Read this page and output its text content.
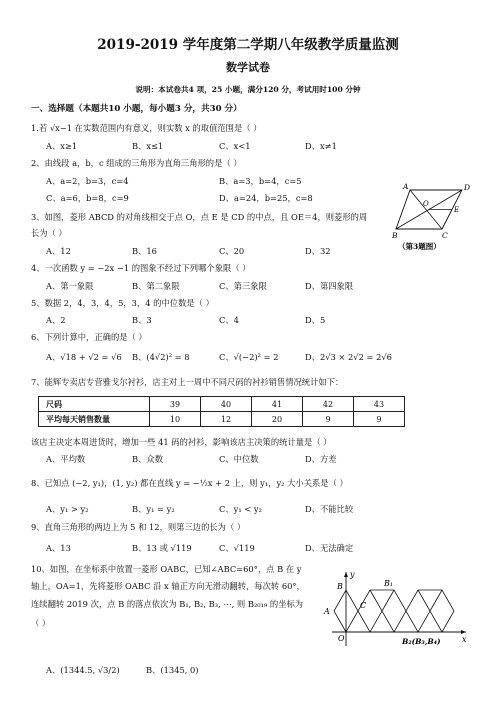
2019-2019 学年度第二学期八年级教学质量监测
数学试卷
说明：本试卷共4 项，25 小题，满分120 分，考试用时100 分钟
一、选择题（本题共10 小题，每小题3 分，共30 分）
1.若 √x−1 在实数范围内有意义，则实数 x 的取值范围是（ ）
A、x≥1	B、x≤1	C、x<1	D、x≠1
2、由线段 a，b，c 组成的三角形为直角三角形的是（ ）
A、a=2，b=3，c=4	B、a=3，b=4，c=5
C、a=6，b=8，c=9	D、a=24，b=25，c=8
3、如图，菱形 ABCD 的对角线相交于点 O，点 E 是 CD 的中点，且 OE＝4，则菱形的周
长为（ ）
A、12	B、16	C、20	D、32
A	D
B	C
O
E
（第3题图）
4、一次函数 y = −2x −1 的图象不经过下列哪个象限（ ）
A、第一象限	B、第二象限	C、第三象限	D、第四象限
5、数据 2，4，3，4，5，3，4 的中位数是（ ）
A、2	B、3	C、4	D、5
6、下列计算中，正确的是（ ）
A、√18 + √2 = √6 B、(4√2)² = 8	C、√(−2)² = 2	D、2√3 × 2√2 = 2√6
7、能辉专卖店专营雅戈尔衬衫，店主对上一周中不同尺码的衬衫销售情况统计如下：
尺码	39	40	41	42	43
平均每天销售数量	10	12	20	9	9
该店主决定本周进货时，增加一些 41 码的衬衫，影响该店主决策的统计量是（ ）
A、平均数	B、众数	C、中位数	D、方差
8、已知点 (−2, y₁)，(1, y₂) 都在直线 y = −½x + 2 上，则 y₁，y₂ 大小关系是（ ）
A、y₁ > y₂	B、y₁ = y₂	C、y₁ < y₂	D、不能比较
9、直角三角形的两边上为 5 和 12，则第三边的长为（ ）
A、13	B、13 或 √119	C、√119	D、无法确定
10、如图，在坐标系中放置一菱形 OABC，已知∠ABC=60°，点 B 在 y
轴上，OA=1，先将菱形 OABC 沿 x 轴正方向无滑动翻转，每次转 60°，
连续翻转 2019 次，点 B 的落点依次为 B₁, B₂, B₃, ⋯, 则 B₂₀₁₉ 的坐标为
（ ）
A、(1344.5, √3/2)	B、(1345, 0)
y
x
B
A
C
B₁
O	B₂(B₃,B₄)
